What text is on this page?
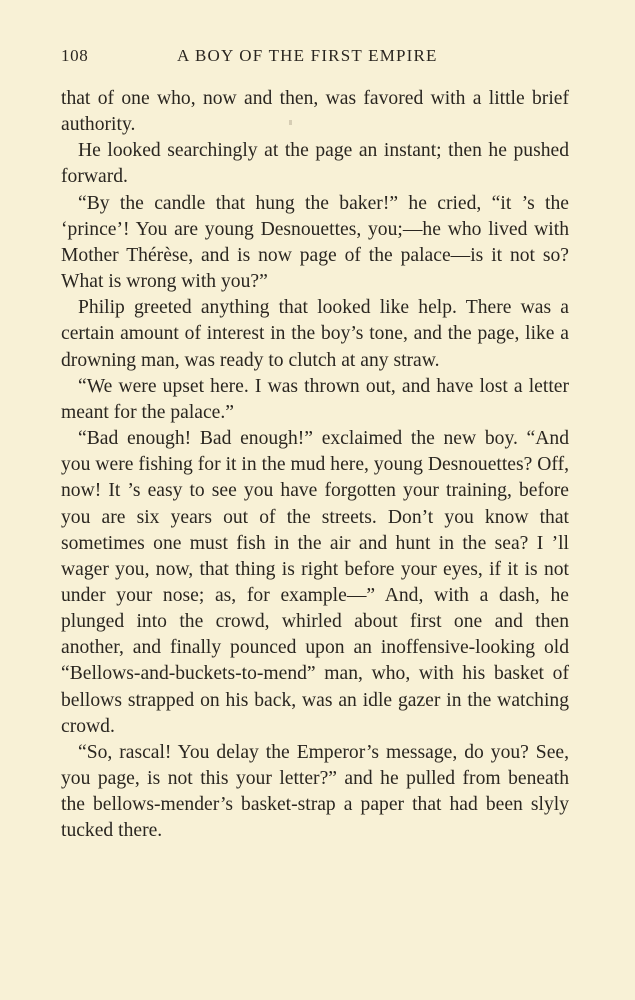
108	A BOY OF THE FIRST EMPIRE

that of one who, now and then, was favored with a little brief authority.

He looked searchingly at the page an instant; then he pushed forward.

“By the candle that hung the baker!” he cried, “it ’s the ‘prince’! You are young Desnouettes, you;—he who lived with Mother Thérèse, and is now page of the palace—is it not so? What is wrong with you?”

Philip greeted anything that looked like help. There was a certain amount of interest in the boy’s tone, and the page, like a drowning man, was ready to clutch at any straw.

“We were upset here. I was thrown out, and have lost a letter meant for the palace.”

“Bad enough! Bad enough!” exclaimed the new boy. “And you were fishing for it in the mud here, young Desnouettes? Off, now! It ’s easy to see you have forgotten your training, before you are six years out of the streets. Don’t you know that sometimes one must fish in the air and hunt in the sea? I ’ll wager you, now, that thing is right before your eyes, if it is not under your nose; as, for example—” And, with a dash, he plunged into the crowd, whirled about first one and then another, and finally pounced upon an inoffensive-looking old “Bellows-and-buckets-to-mend” man, who, with his basket of bellows strapped on his back, was an idle gazer in the watching crowd.

“So, rascal! You delay the Emperor’s message, do you? See, you page, is not this your letter?” and he pulled from beneath the bellows-mender’s basket-strap a paper that had been slyly tucked there.
